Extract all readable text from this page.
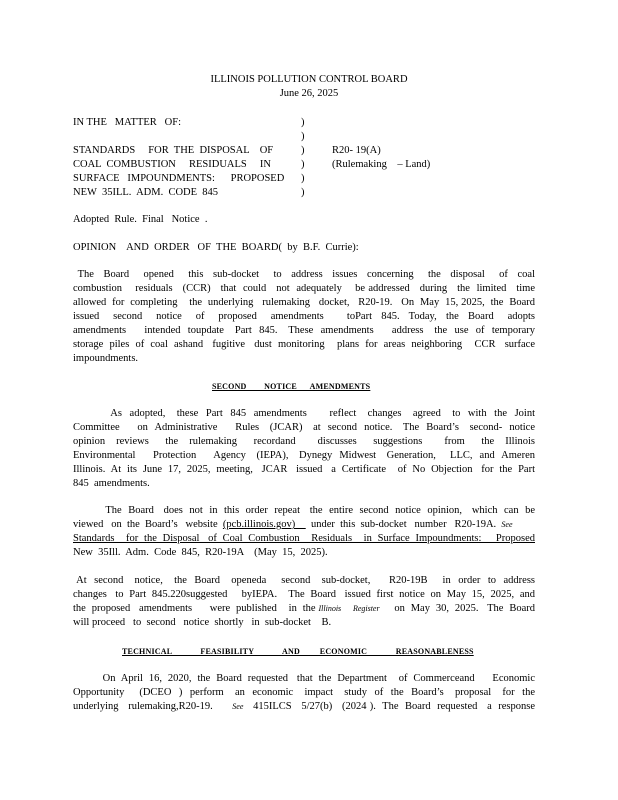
ILLINOIS POLLUTION CONTROL BOARD
June 26, 2025
IN THE   MATTER   OF:
STANDARDS     FOR  THE  DISPOSAL    OF
COAL  COMBUSTION     RESIDUALS     IN
SURFACE   IMPOUNDMENTS:      PROPOSED
NEW  35ILL.  ADM.  CODE  845
)
)
)
)
)
)
R20- 19(A)
(Rulemaking    – Land)
Adopted  Rule.  Final   Notice  .
OPINION    AND  ORDER   OF  THE  BOARD(  by  B.F.  Currie):
The  Board   opened   this  sub-docket   to  address  issues  concerning   the  disposal   of  coal
combustion    residuals   (CCR)   that  could   not  adequately    be addressed   during   the  limited   time
allowed  for  completing    the  underlying   rulemaking   docket,   R20-19.   On  May  15, 2025,  the  Board
issued   second   notice   of   proposed   amendments     toPart  845.  Today,  the  Board   adopts
amendments     intended  toupdate   Part  845.   These  amendments     address   the  use  of  temporary
storage  piles  of  coal  ashand   fugitive   dust  monitoring    plans  for  areas  neighboring    CCR   surface
impoundments.
SECOND        NOTICE      AMENDMENTS
As  adopted,   these  Part  845  amendments      reflect   changes   agreed   to  with  the  Joint
Committee     on  Administrative     Rules   (JCAR)   at  second  notice.   The  Board’s   second-  notice
opinion  reviews   the  rulemaking   recordand    discusses   suggestions    from   the  Illinois
Environmental     Protection     Agency   (IEPA),   Dynegy  Midwest   Generation,    LLC,  and  Ameren
Illinois.  At  its  June  17,  2025,  meeting,   JCAR   issued   a  Certificate    of  No  Objection   for  the  Part
845  amendments.
The  Board   does  not  in  this  order  repeat   the  entire  second  notice  opinion,   which  can  be
viewed   on  the  Board’s   website  (pcb.illinois.gov)      under  this  sub-docket   number   R20-19A.  See
Standards    for  the  Disposal   of  Coal  Combustion    Residuals    in  Surface  Impoundments:     Proposed
New  35Ill.  Adm.  Code  845,  R20-19A    (May  15,  2025).
At  second   notice,   the  Board   openeda    second   sub-docket,     R20-19B    in  order  to  address
changes   to  Part  845.220suggested     byIEPA.    The  Board   issued  first  notice  on  May  15,  2025,  and
the  proposed   amendments      were  published    in  the Illinois Register     on  May  30,  2025.   The  Board
will proceed   to  second   notice  shortly   in  sub-docket    B.
TECHNICAL             FEASIBILITY             AND         ECONOMIC             REASONABLENESS
On  April  16,  2020,  the  Board  requested   that  the  Department    of  Commerceand      Economic
Opportunity    (DCEO  )  perform   an  economic   impact   study  of  the  Board’s   proposal   for  the
underlying   rulemaking,R20-19.      See   415ILCS   5/27(b)   (2024 ).  The  Board  requested   a  response
